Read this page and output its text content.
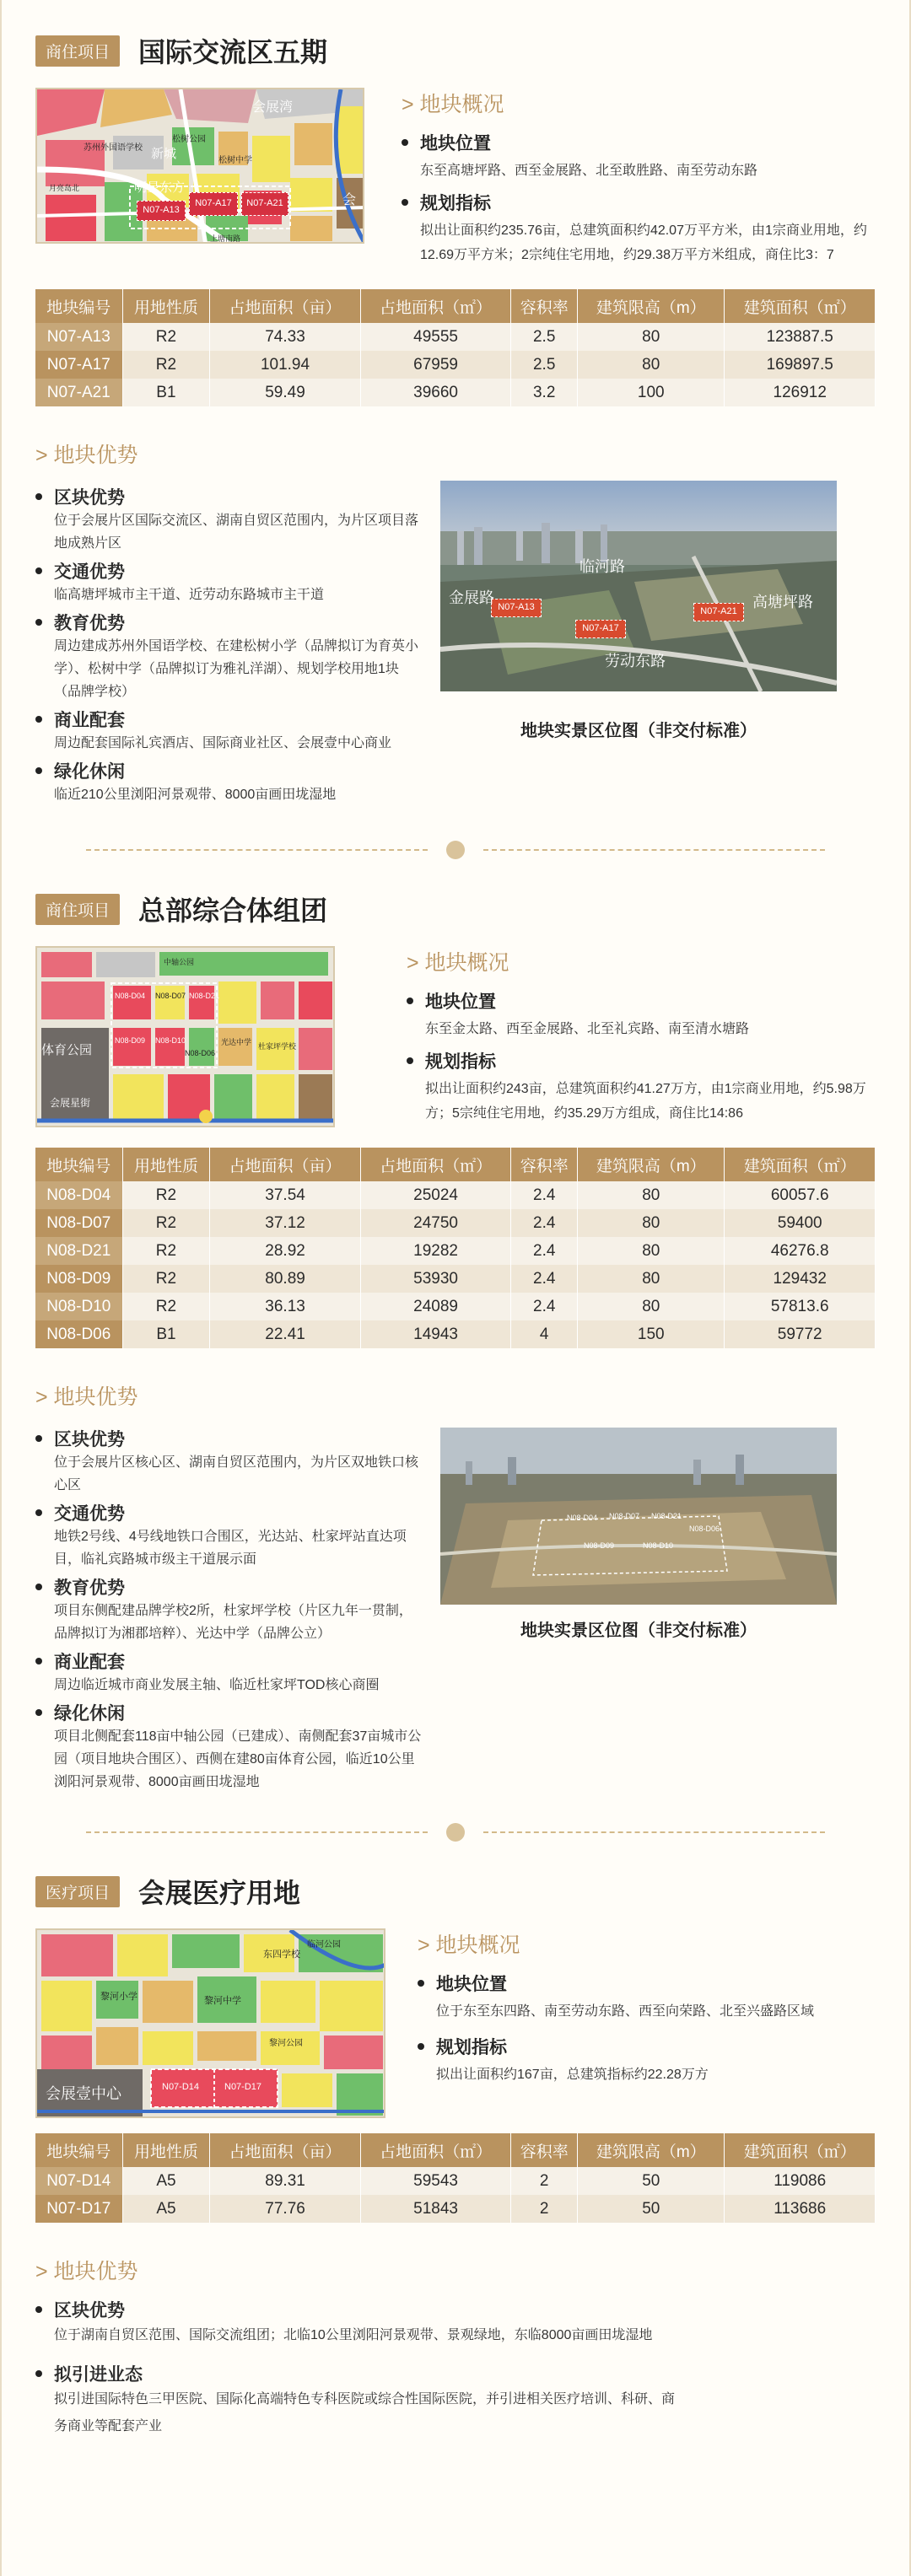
商住项目	国际交流区五期
会展湾
苏州外国语学校 新城
明昱东方
松树公园
松树中学
N07-A13
N07-A17	N07-A21	会
上塘南路
月亮岛北
> 地块概况
地块位置
东至高塘坪路、西至金展路、北至敢胜路、南至劳动东路
规划指标
拟出让面积约235.76亩，总建筑面积约42.07万平方米，由1宗商业用地，约12.69万平方米；2宗纯住宅用地，约29.38万平方米组成，商住比3：7
地块编号	用地性质	占地面积（亩）	占地面积（㎡）	容积率	建筑限高（m）	建筑面积（㎡）
N07-A13	R2	74.33	49555	2.5	80	123887.5
N07-A17	R2	101.94	67959	2.5	80	169897.5
N07-A21	B1	59.49	39660	3.2	100	126912
> 地块优势
区块优势
位于会展片区国际交流区、湖南自贸区范围内，为片区项目落地成熟片区
交通优势
临高塘坪城市主干道、近劳动东路城市主干道
教育优势
周边建成苏州外国语学校、在建松树小学（品牌拟订为育英小学）、松树中学（品牌拟订为雅礼洋湖）、规划学校用地1块（品牌学校）
商业配套
周边配套国际礼宾酒店、国际商业社区、会展壹中心商业
绿化休闲
临近210公里浏阳河景观带、8000亩画田垅湿地
N07-A13
N07-A17
N07-A21
临河路
高塘坪路
劳动东路
金展路
地块实景区位图（非交付标准）
商住项目	总部综合体组团
体育公园
会展星街
N08-D04 N08-D07 N08-D21
N08-D09 N08-D10
N08-D06
光达中学 杜家坪学校
中轴公园	> 地块概况
地块位置
东至金太路、西至金展路、北至礼宾路、南至清水塘路
规划指标
拟出让面积约243亩，总建筑面积约41.27万方，由1宗商业用地，约5.98万方；5宗纯住宅用地，约35.29万方组成，商住比14:86
地块编号	用地性质	占地面积（亩）	占地面积（㎡）	容积率	建筑限高（m）	建筑面积（㎡）
N08-D04	R2	37.54	25024	2.4	80	60057.6
N08-D07	R2	37.12	24750	2.4	80	59400
N08-D21	R2	28.92	19282	2.4	80	46276.8
N08-D09	R2	80.89	53930	2.4	80	129432
N08-D10	R2	36.13	24089	2.4	80	57813.6
N08-D06	B1	22.41	14943	4	150	59772
> 地块优势
区块优势
位于会展片区核心区、湖南自贸区范围内，为片区双地铁口核心区
交通优势
地铁2号线、4号线地铁口合围区，光达站、杜家坪站直达项目，临礼宾路城市级主干道展示面
教育优势
项目东侧配建品牌学校2所，杜家坪学校（片区九年一贯制，品牌拟订为湘郡培粹）、光达中学（品牌公立）
商业配套
周边临近城市商业发展主轴、临近杜家坪TOD核心商圈
绿化休闲
项目北侧配套118亩中轴公园（已建成）、南侧配套37亩城市公园（项目地块合围区）、西侧在建80亩体育公园，临近10公里浏阳河景观带、8000亩画田垅湿地
N08-D04 N08-D07 N08-D21
N08-D09	N08-D10
N08-D06
地块实景区位图（非交付标准）
医疗项目	会展医疗用地
会展壹中心	N07-D14	N07-D17
东四学校
黎河中学
黎河小学
临河公园
黎河公园
> 地块概况
地块位置
位于东至东四路、南至劳动东路、西至向荣路、北至兴盛路区域
规划指标
拟出让面积约167亩，总建筑指标约22.28万方
地块编号	用地性质	占地面积（亩）	占地面积（㎡）	容积率	建筑限高（m）	建筑面积（㎡）
N07-D14	A5	89.31	59543	2	50	119086
N07-D17	A5	77.76	51843	2	50	113686
> 地块优势
区块优势
位于湖南自贸区范围、国际交流组团；北临10公里浏阳河景观带、景观绿地，东临8000亩画田垅湿地
拟引进业态
拟引进国际特色三甲医院、国际化高端特色专科医院或综合性国际医院，并引进相关医疗培训、科研、商务商业等配套产业
